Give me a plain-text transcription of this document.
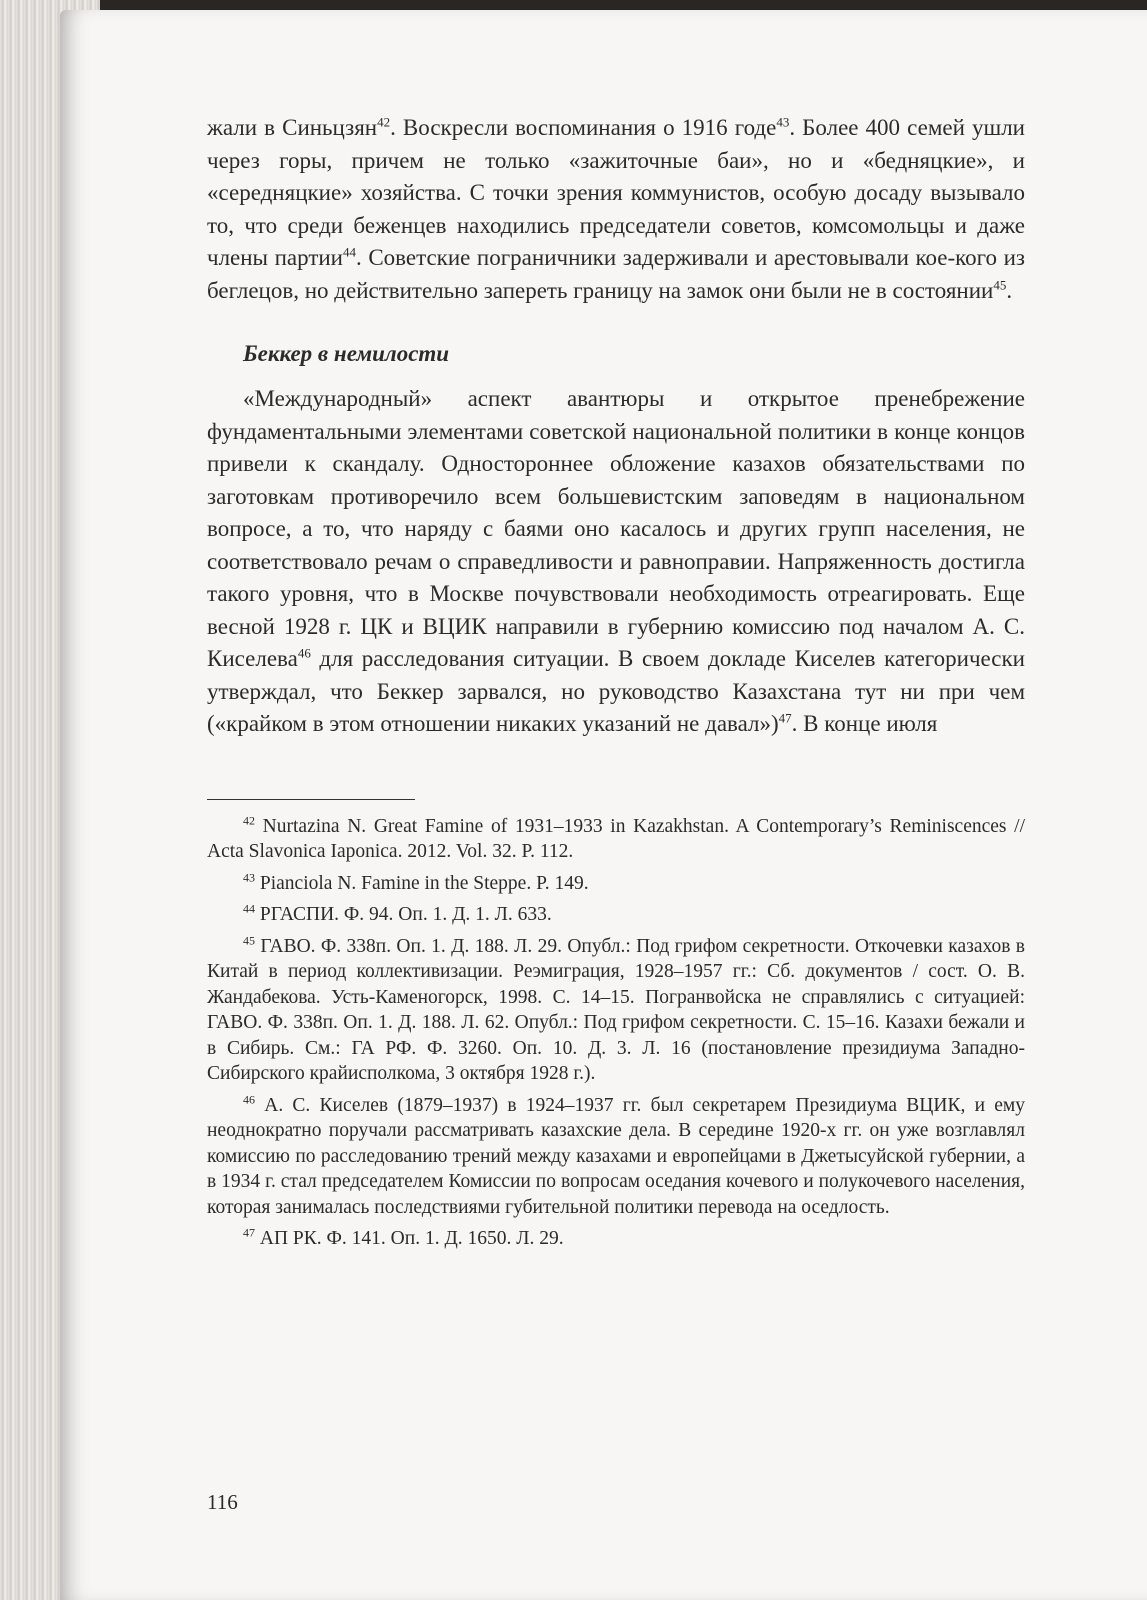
жали в Синьцзян$^{42}$. Воскресли воспоминания о 1916 годе$^{43}$. Более 400 семей ушли через горы, причем не только «зажиточные баи», но и «бедняцкие», и «середняцкие» хозяйства. С точки зрения коммунистов, особую досаду вызывало то, что среди беженцев находились председатели советов, комсомольцы и даже члены партии$^{44}$. Советские пограничники задерживали и арестовывали кое-кого из беглецов, но действительно запереть границу на замок они были не в состоянии$^{45}$.

Беккер в немилости

«Международный» аспект авантюры и открытое пренебрежение фундаментальными элементами советской национальной политики в конце концов привели к скандалу. Одностороннее обложение казахов обязательствами по заготовкам противоречило всем большевистским заповедям в национальном вопросе, а то, что наряду с баями оно касалось и других групп населения, не соответствовало речам о справедливости и равноправии. Напряженность достигла такого уровня, что в Москве почувствовали необходимость отреагировать. Еще весной 1928 г. ЦК и ВЦИК направили в губернию комиссию под началом А. С. Киселева$^{46}$ для расследования ситуации. В своем докладе Киселев категорически утверждал, что Беккер зарвался, но руководство Казахстана тут ни при чем («крайком в этом отношении никаких указаний не давал»)$^{47}$. В конце июля

$^{42}$ Nurtazina N. Great Famine of 1931–1933 in Kazakhstan. A Contemporary’s Reminiscences // Acta Slavonica Iaponica. 2012. Vol. 32. P. 112.

$^{43}$ Pianciola N. Famine in the Steppe. P. 149.

$^{44}$ РГАСПИ. Ф. 94. Оп. 1. Д. 1. Л. 633.

$^{45}$ ГАВО. Ф. 338п. Оп. 1. Д. 188. Л. 29. Опубл.: Под грифом секретности. Откочевки казахов в Китай в период коллективизации. Реэмиграция, 1928–1957 гг.: Сб. документов / сост. О. В. Жандабекова. Усть-Каменогорск, 1998. С. 14–15. Погранвойска не справлялись с ситуацией: ГАВО. Ф. 338п. Оп. 1. Д. 188. Л. 62. Опубл.: Под грифом секретности. С. 15–16. Казахи бежали и в Сибирь. См.: ГА РФ. Ф. 3260. Оп. 10. Д. 3. Л. 16 (постановление президиума Западно-Сибирского крайисполкома, 3 октября 1928 г.).

$^{46}$ А. С. Киселев (1879–1937) в 1924–1937 гг. был секретарем Президиума ВЦИК, и ему неоднократно поручали рассматривать казахские дела. В середине 1920-х гг. он уже возглавлял комиссию по расследованию трений между казахами и европейцами в Джетысуйской губернии, а в 1934 г. стал председателем Комиссии по вопросам оседания кочевого и полукочевого населения, которая занималась последствиями губительной политики перевода на оседлость.

$^{47}$ АП РК. Ф. 141. Оп. 1. Д. 1650. Л. 29.

116
